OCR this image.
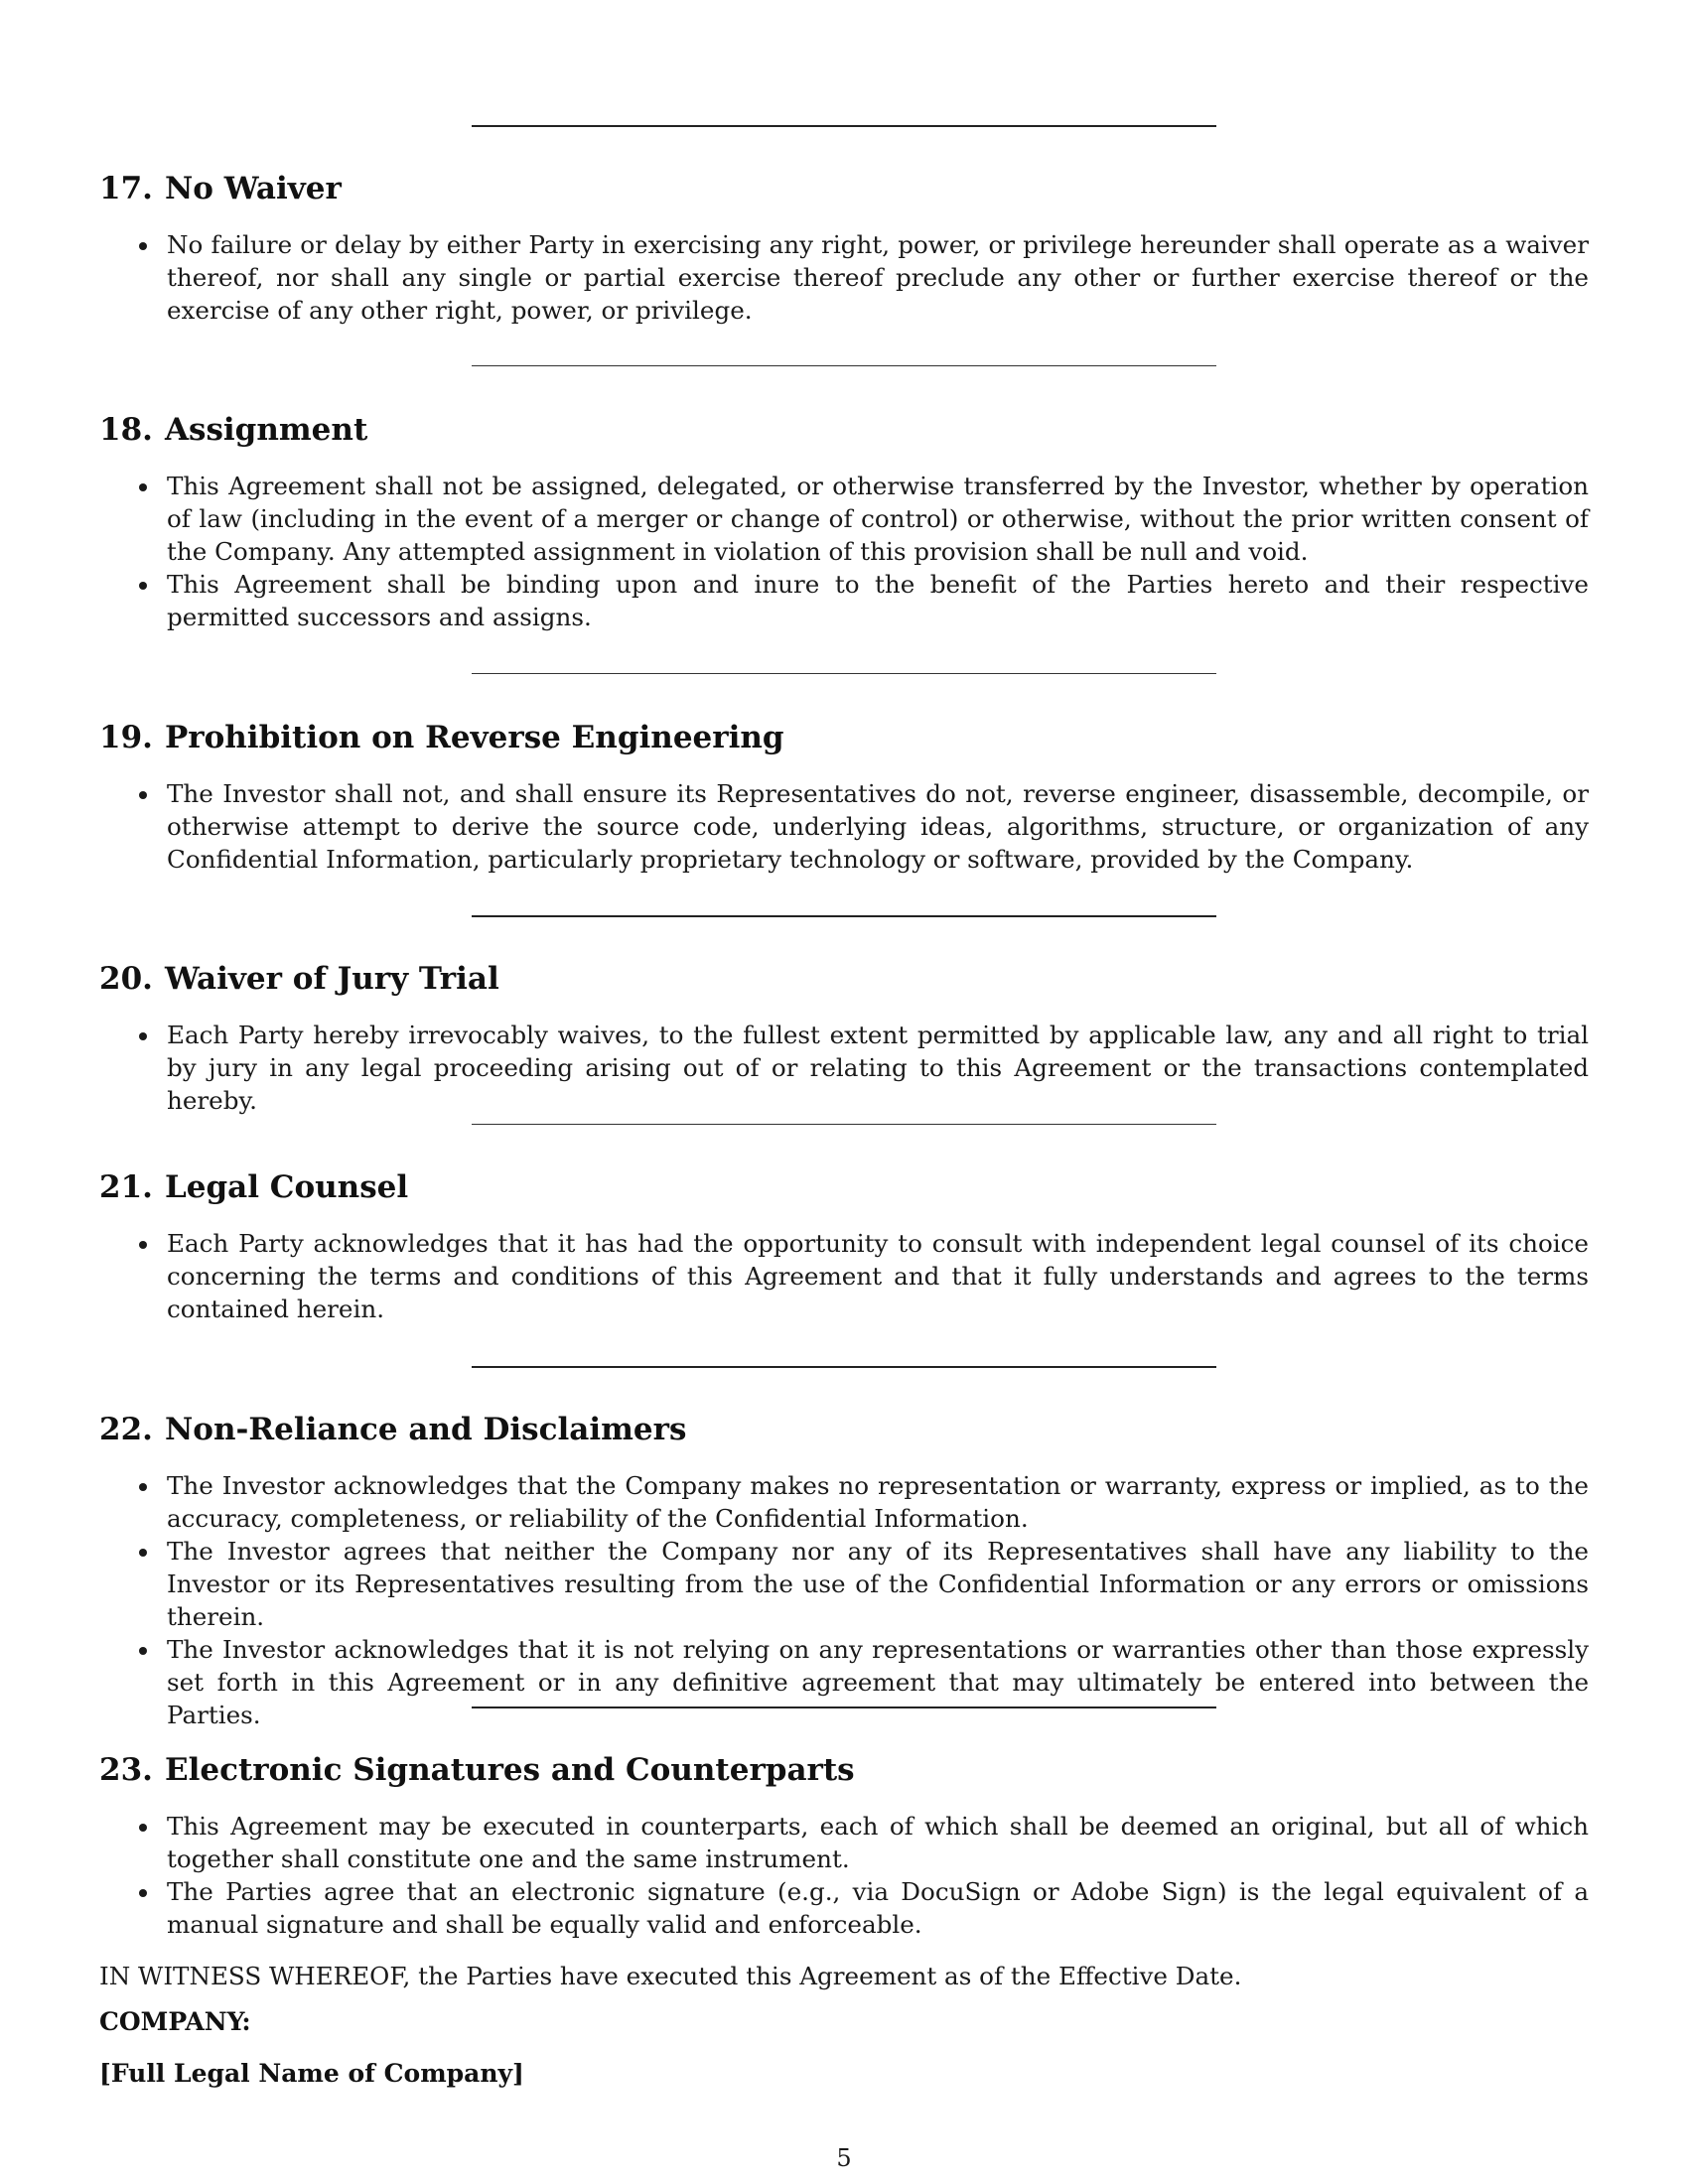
17. No Waiver
No failure or delay by either Party in exercising any right, power, or privilege hereunder shall operate as a waiver thereof, nor shall any single or partial exercise thereof preclude any other or further exercise thereof or the exercise of any other right, power, or privilege.
18. Assignment
This Agreement shall not be assigned, delegated, or otherwise transferred by the Investor, whether by operation of law (including in the event of a merger or change of control) or otherwise, without the prior written consent of the Company. Any attempted assignment in violation of this provision shall be null and void.
This Agreement shall be binding upon and inure to the benefit of the Parties hereto and their respective permitted successors and assigns.
19. Prohibition on Reverse Engineering
The Investor shall not, and shall ensure its Representatives do not, reverse engineer, disassemble, decompile, or otherwise attempt to derive the source code, underlying ideas, algorithms, structure, or organization of any Confidential Information, particularly proprietary technology or software, provided by the Company.
20. Waiver of Jury Trial
Each Party hereby irrevocably waives, to the fullest extent permitted by applicable law, any and all right to trial by jury in any legal proceeding arising out of or relating to this Agreement or the transactions contemplated hereby.
21. Legal Counsel
Each Party acknowledges that it has had the opportunity to consult with independent legal counsel of its choice concerning the terms and conditions of this Agreement and that it fully understands and agrees to the terms contained herein.
22. Non-Reliance and Disclaimers
The Investor acknowledges that the Company makes no representation or warranty, express or implied, as to the accuracy, completeness, or reliability of the Confidential Information.
The Investor agrees that neither the Company nor any of its Representatives shall have any liability to the Investor or its Representatives resulting from the use of the Confidential Information or any errors or omissions therein.
The Investor acknowledges that it is not relying on any representations or warranties other than those expressly set forth in this Agreement or in any definitive agreement that may ultimately be entered into between the Parties.
23. Electronic Signatures and Counterparts
This Agreement may be executed in counterparts, each of which shall be deemed an original, but all of which together shall constitute one and the same instrument.
The Parties agree that an electronic signature (e.g., via DocuSign or Adobe Sign) is the legal equivalent of a manual signature and shall be equally valid and enforceable.

IN WITNESS WHEREOF, the Parties have executed this Agreement as of the Effective Date.

COMPANY:

[Full Legal Name of Company]

5
